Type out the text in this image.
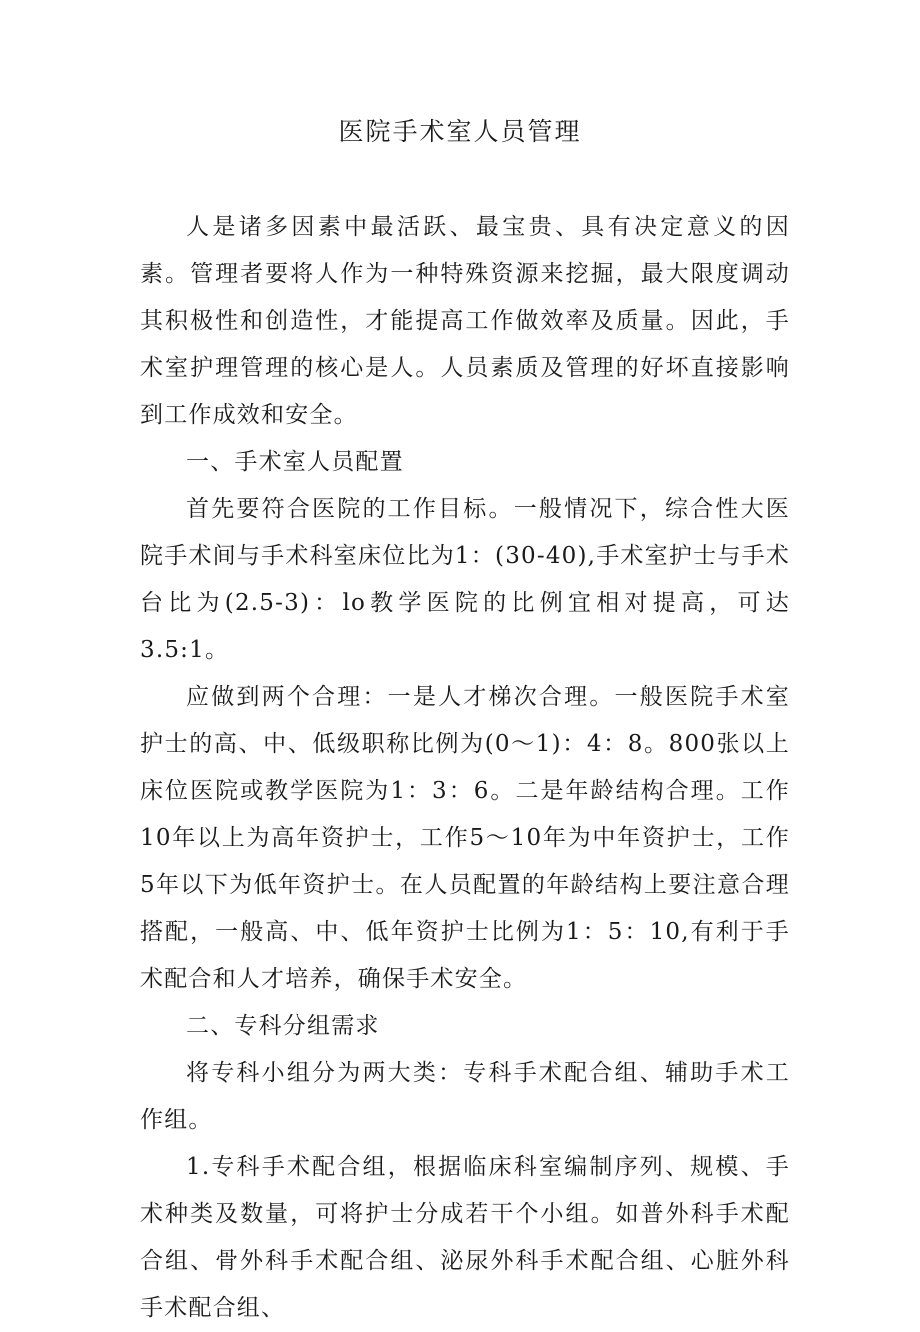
医院手术室人员管理

人是诸多因素中最活跃、最宝贵、具有决定意义的因素。管理者要将人作为一种特殊资源来挖掘，最大限度调动其积极性和创造性，才能提高工作做效率及质量。因此，手术室护理管理的核心是人。人员素质及管理的好坏直接影响到工作成效和安全。

一、手术室人员配置

首先要符合医院的工作目标。一般情况下，综合性大医院手术间与手术科室床位比为1：(30-40),手术室护士与手术台比为(2.5-3)：lo教学医院的比例宜相对提高，可达3.5:1。

应做到两个合理：一是人才梯次合理。一般医院手术室护士的高、中、低级职称比例为(0～1)：4：8。800张以上床位医院或教学医院为1：3：6。二是年龄结构合理。工作10年以上为高年资护士，工作5～10年为中年资护士，工作5年以下为低年资护士。在人员配置的年龄结构上要注意合理搭配，一般高、中、低年资护士比例为1：5：10,有利于手术配合和人才培养，确保手术安全。

二、专科分组需求

将专科小组分为两大类：专科手术配合组、辅助手术工作组。

1.专科手术配合组，根据临床科室编制序列、规模、手术种类及数量，可将护士分成若干个小组。如普外科手术配合组、骨外科手术配合组、泌尿外科手术配合组、心脏外科手术配合组、
